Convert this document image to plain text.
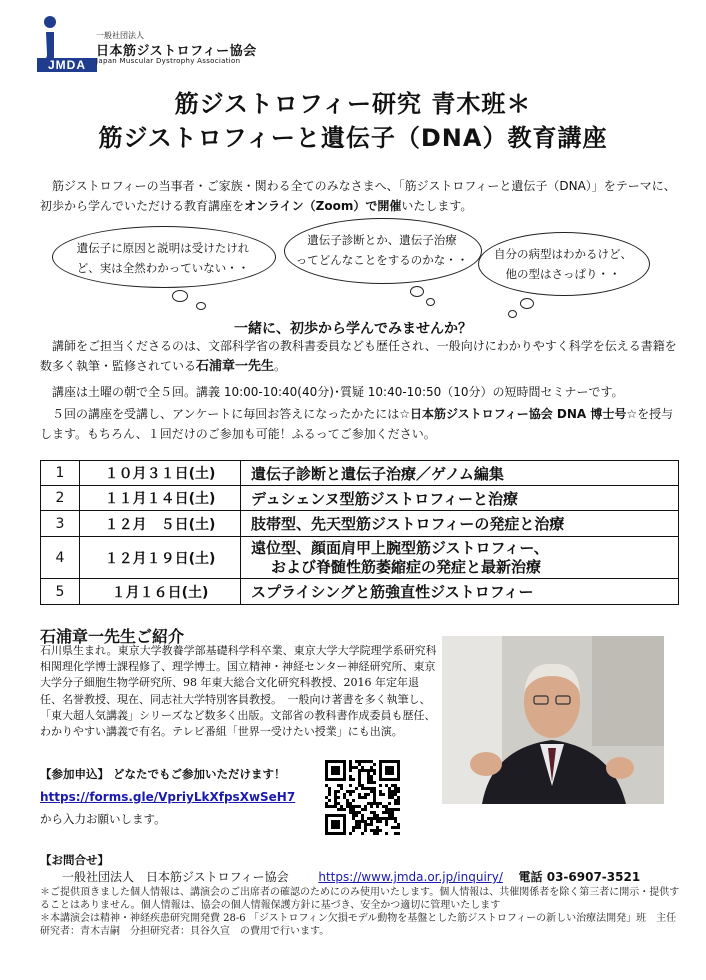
JMDA
一般社団法人
日本筋ジストロフィー協会
Japan Muscular Dystrophy Association
筋ジストロフィー研究 青木班＊
筋ジストロフィーと遺伝子（DNA）教育講座
筋ジストロフィーの当事者・ご家族・関わる全てのみなさまへ、「筋ジストロフィーと遺伝子（DNA）」をテーマに、初歩から学んでいただける教育講座をオンライン（Zoom）で開催いたします。
遺伝子に原因と説明は受けたけれ
ど、実は全然わかっていない・・
遺伝子診断とか、遺伝子治療
ってどんなことをするのかな・・	自分の病型はわかるけど、
他の型はさっぱり・・
一緒に、初歩から学んでみませんか？
講師をご担当くださるのは、文部科学省の教科書委員なども歴任され、一般向けにわかりやすく科学を伝える書籍を数多く執筆・監修されている石浦章一先生。
講座は土曜の朝で全５回。講義 10:00-10:40(40分)･質疑 10:40-10:50（10分）の短時間セミナーです。
５回の講座を受講し、アンケートに毎回お答えになったかたには☆日本筋ジストロフィー協会 DNA 博士号☆を授与します。もちろん、１回だけのご参加も可能！ふるってご参加ください。
1	１０月３１日(土)	遺伝子診断と遺伝子治療／ゲノム編集
2	１１月１４日(土)	デュシェンヌ型筋ジストロフィーと治療
3	１２月　５日(土)	肢帯型、先天型筋ジストロフィーの発症と治療
4	１２月１９日(土)	遠位型、顔面肩甲上腕型筋ジストロフィー、
および脊髄性筋萎縮症の発症と最新治療

5	１月１６日(土)	スプライシングと筋強直性ジストロフィー
石浦章一先生ご紹介
石川県生まれ。東京大学教養学部基礎科学科卒業、東京大学大学院理学系研究科相関理化学博士課程修了、理学博士。国立精神・神経センター神経研究所、東京大学分子細胞生物学研究所、98 年東大総合文化研究科教授、2016 年定年退任、名誉教授、現在、同志社大学特別客員教授。　一般向け著書を多く執筆し、「東大超人気講義」シリーズなど数多く出版。文部省の教科書作成委員も歴任、わかりやすい講義で有名。テレビ番組「世界一受けたい授業」にも出演。
【参加申込】 どなたでもご参加いただけます！
https://forms.gle/VpriyLkXfpsXwSeH7
から入力お願いします。
【お問合せ】
一般社団法人　日本筋ジストロフィー協会 https://www.jmda.or.jp/inquiry/ 電話 03-6907-3521
＊ご提供頂きました個人情報は、講演会のご出席者の確認のためにのみ使用いたします。個人情報は、共催関係者を除く第三者に開示・提供することはありません。個人情報は、協会の個人情報保護方針に基づき、安全かつ適切に管理いたします
＊本講演会は精神・神経疾患研究開発費 28-6 「ジストロフィン欠損モデル動物を基盤とした筋ジストロフィーの新しい治療法開発」班　主任研究者：青木吉嗣　分担研究者：貝谷久宣　の費用で行います。
